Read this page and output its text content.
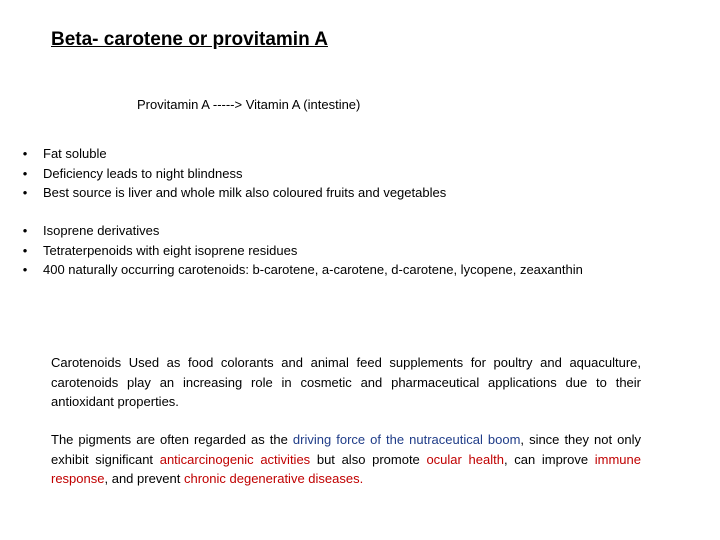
Beta- carotene or provitamin A
Provitamin A -----> Vitamin A (intestine)
• Fat soluble
• Deficiency leads to night blindness
• Best source is liver and whole milk also coloured fruits and vegetables
• Isoprene derivatives
• Tetraterpenoids with eight isoprene residues
• 400 naturally occurring carotenoids: b-carotene, a-carotene, d-carotene, lycopene, zeaxanthin

Carotenoids Used as food colorants and animal feed supplements for poultry and aquaculture, carotenoids play an increasing role in cosmetic and pharmaceutical applications due to their antioxidant properties.

The pigments are often regarded as the driving force of the nutraceutical boom, since they not only exhibit significant anticarcinogenic activities but also promote ocular health, can improve immune response, and prevent chronic degenerative diseases.
